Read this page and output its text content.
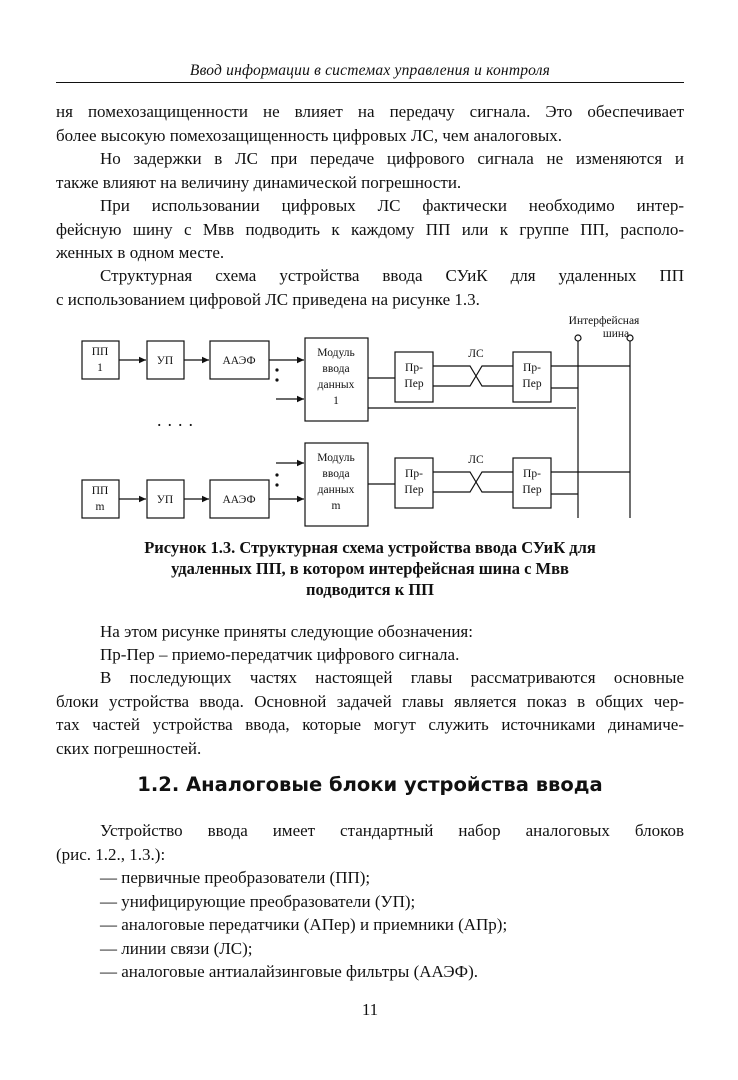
Ввод информации в системах управления и контроля
ня помехозащищенности не влияет на передачу сигнала. Это обеспечивает
более высокую помехозащищенность цифровых ЛС, чем аналоговых.
Но задержки в ЛС при передаче цифрового сигнала не изменяются и
также влияют на величину динамической погрешности.
При использовании цифровых ЛС фактически необходимо интер-
фейсную шину с Мвв подводить к каждому ПП или к группе ПП, располо-
женных в одном месте.
Структурная схема устройства ввода СУиК для удаленных ПП
с использованием цифровой ЛС приведена на рисунке 1.3.
Интерфейсная
шина
ПП
1
УП	ААЭФ
Модуль
ввода
данных
1
Пр-
Пер
ЛС
Пр-
Пер
· · · ·
Модуль
ввода
данных
m
Пр-
Пер
ЛС
Пр-
Пер
ПП
m
УП	ААЭФ
Рисунок 1.3. Структурная схема устройства ввода СУиК для
удаленных ПП, в котором интерфейсная шина с Мвв
подводится к ПП
На этом рисунке приняты следующие обозначения:
Пр-Пер – приемо-передатчик цифрового сигнала.
В последующих частях настоящей главы рассматриваются основные
блоки устройства ввода. Основной задачей главы является показ в общих чер-
тах частей устройства ввода, которые могут служить источниками динамиче-
ских погрешностей.
1.2. Аналоговые блоки устройства ввода
Устройство ввода имеет стандартный набор аналоговых блоков
(рис. 1.2., 1.3.):
— первичные преобразователи (ПП);
— унифицирующие преобразователи (УП);
— аналоговые передатчики (АПер) и приемники (АПр);
— линии связи (ЛС);
— аналоговые антиалайзинговые фильтры (ААЭФ).
11
